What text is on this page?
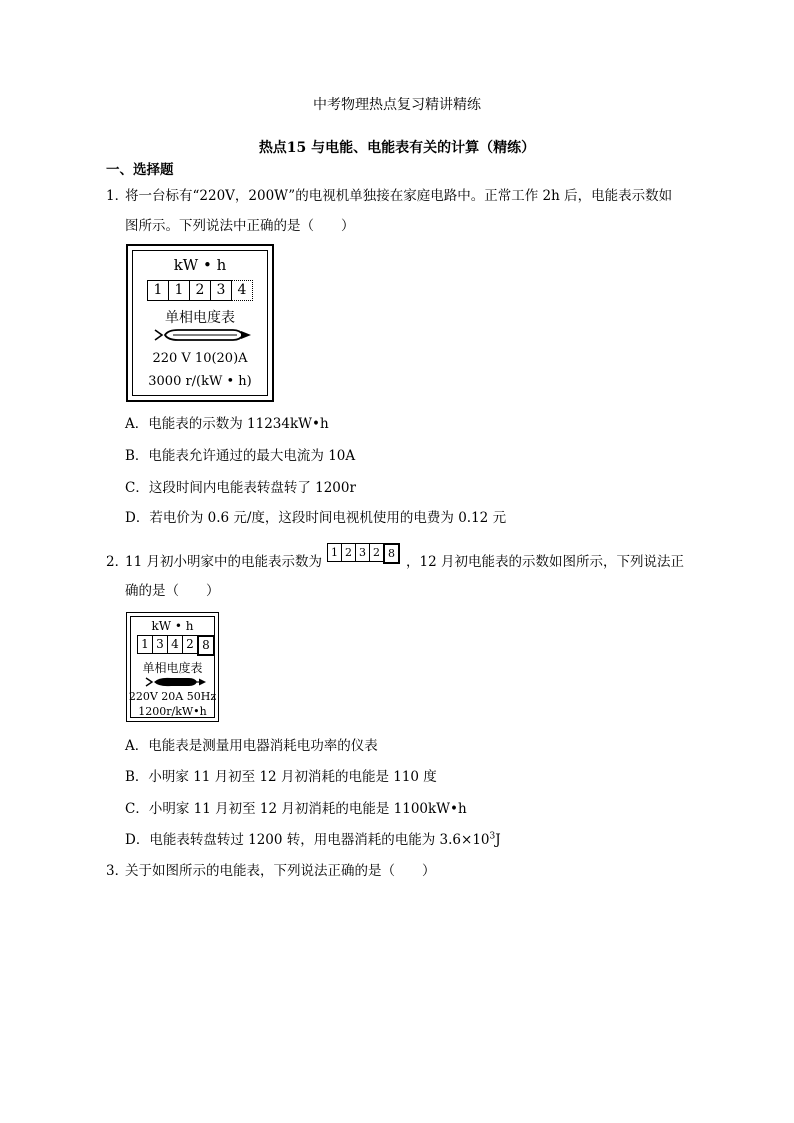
中考物理热点复习精讲精练
热点15 与电能、电能表有关的计算（精练）
一、选择题
1．
将一台标有“220V，200W”的电视机单独接在家庭电路中。正常工作 2h 后，电能表示数如
图所示。下列说法中正确的是（　　）
kW • h
1 1 2 3 4
单相电度表
220 V 10(20)A
3000 r/(kW • h)
A．电能表的示数为 11234kW•h
B．电能表允许通过的最大电流为 10A
C．这段时间内电能表转盘转了 1200r
D．若电价为 0.6 元/度，这段时间电视机使用的电费为 0.12 元
2．
11 月初小明家中的电能表示数为
1 2 3 2 8
，12 月初电能表的示数如图所示，下列说法正
确的是（　　）
kW • h
1 3 4 2 8
单相电度表
220V 20A 50Hz
1200r/kW•h
A．电能表是测量用电器消耗电功率的仪表
B．小明家 11 月初至 12 月初消耗的电能是 110 度
C．小明家 11 月初至 12 月初消耗的电能是 1100kW•h
D．电能表转盘转过 1200 转，用电器消耗的电能为 $3.6\times 10^3J$
3．
关于如图所示的电能表，下列说法正确的是（　　）
